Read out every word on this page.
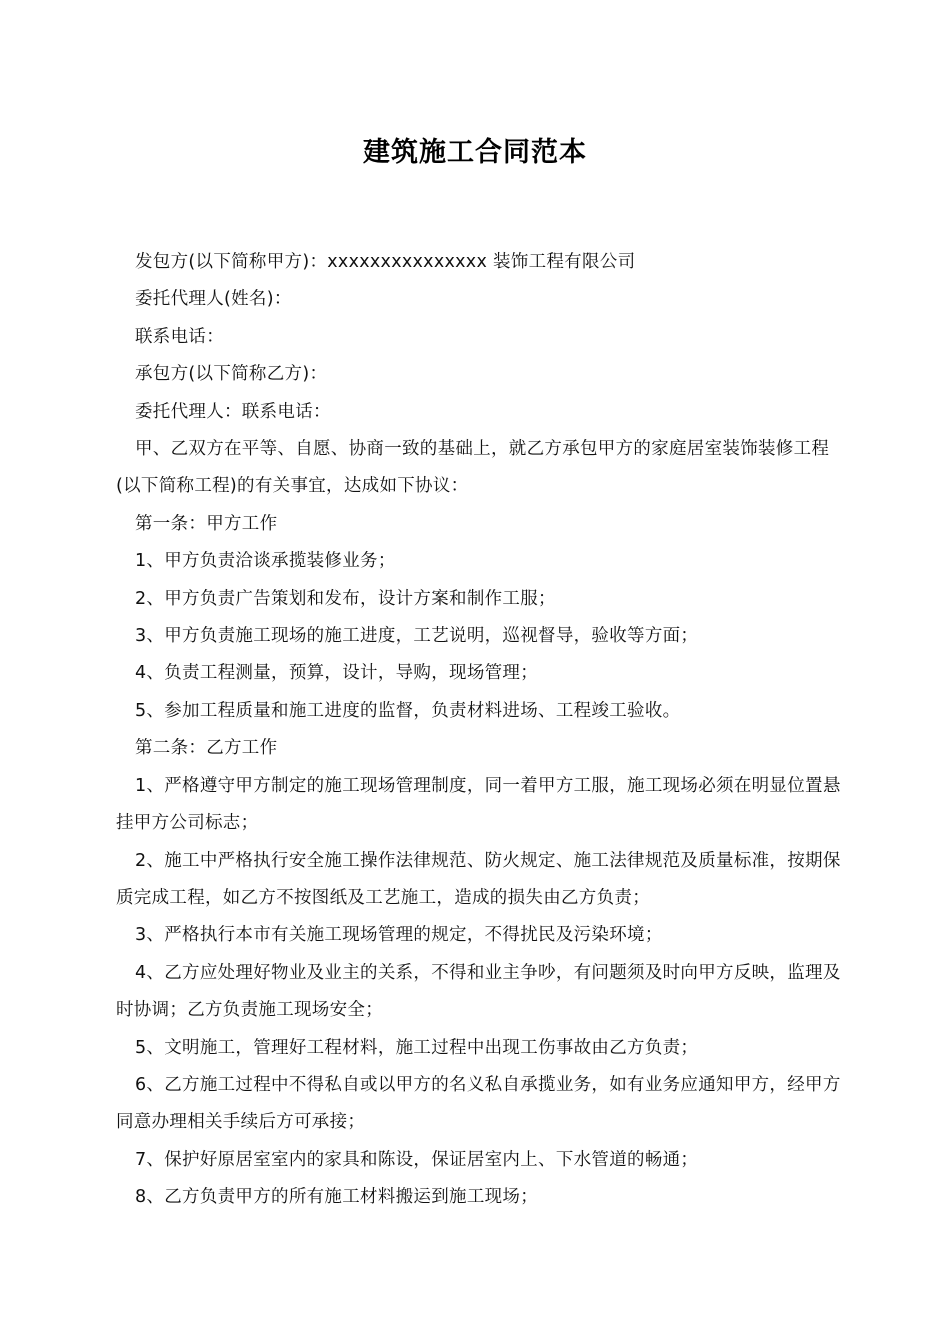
建筑施工合同范本

发包方(以下简称甲方)：xxxxxxxxxxxxxxx 装饰工程有限公司

委托代理人(姓名)：

联系电话：

承包方(以下简称乙方)：

委托代理人：联系电话：

甲、乙双方在平等、自愿、协商一致的基础上，就乙方承包甲方的家庭居室装饰装修工程(以下简称工程)的有关事宜，达成如下协议：

第一条：甲方工作

1、甲方负责洽谈承揽装修业务；

2、甲方负责广告策划和发布，设计方案和制作工服；

3、甲方负责施工现场的施工进度，工艺说明，巡视督导，验收等方面；

4、负责工程测量，预算，设计，导购，现场管理；

5、参加工程质量和施工进度的监督，负责材料进场、工程竣工验收。

第二条：乙方工作

1、严格遵守甲方制定的施工现场管理制度，同一着甲方工服，施工现场必须在明显位置悬挂甲方公司标志；

2、施工中严格执行安全施工操作法律规范、防火规定、施工法律规范及质量标准，按期保质完成工程，如乙方不按图纸及工艺施工，造成的损失由乙方负责；

3、严格执行本市有关施工现场管理的规定，不得扰民及污染环境；

4、乙方应处理好物业及业主的关系，不得和业主争吵，有问题须及时向甲方反映，监理及时协调；乙方负责施工现场安全；

5、文明施工，管理好工程材料，施工过程中出现工伤事故由乙方负责；

6、乙方施工过程中不得私自或以甲方的名义私自承揽业务，如有业务应通知甲方，经甲方同意办理相关手续后方可承接；

7、保护好原居室室内的家具和陈设，保证居室内上、下水管道的畅通；

8、乙方负责甲方的所有施工材料搬运到施工现场；
